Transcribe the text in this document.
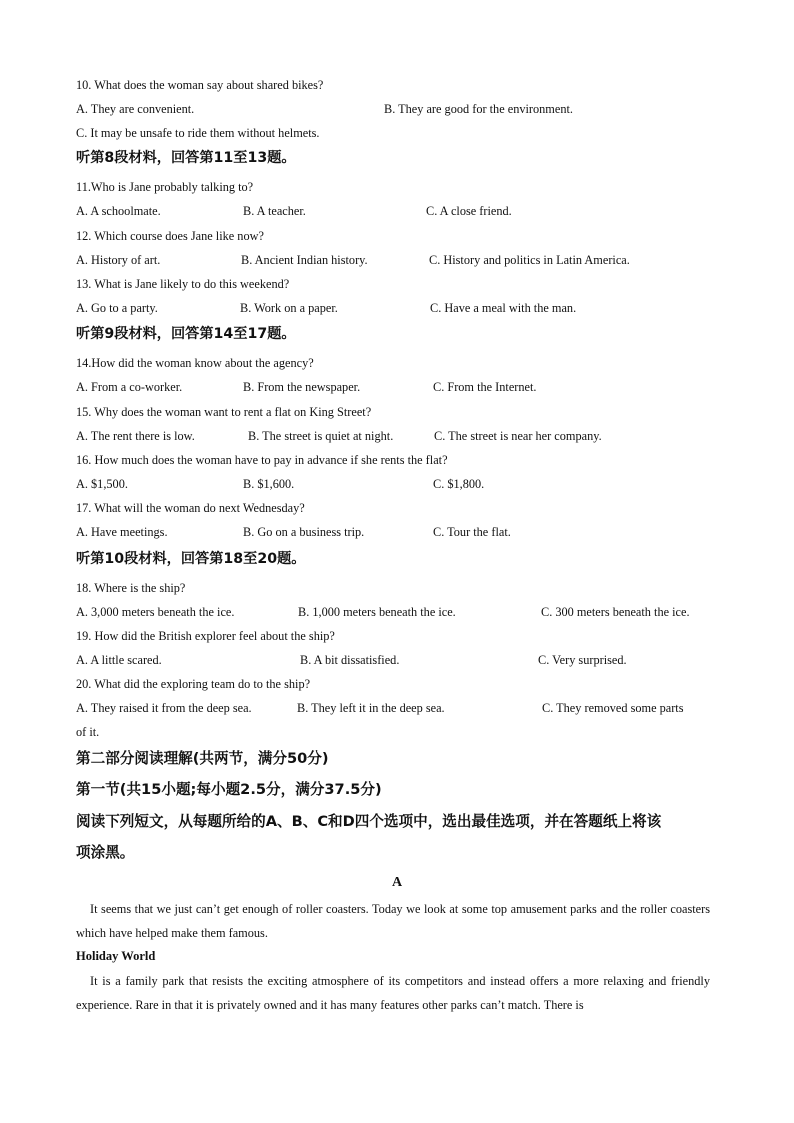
10. What does the woman say about shared bikes?
A. They are convenient.	B. They are good for the environment.
C. It may be unsafe to ride them without helmets.
听第8段材料，回答第11至13题。
11.Who is Jane probably talking to?
A. A schoolmate.	B. A teacher.	C. A close friend.
12. Which course does Jane like now?
A. History of art.	B. Ancient Indian history.	C. History and politics in Latin America.
13. What is Jane likely to do this weekend?
A. Go to a party.	B. Work on a paper.	C. Have a meal with the man.
听第9段材料，回答第14至17题。
14.How did the woman know about the agency?
A. From a co-worker.	B. From the newspaper.	C. From the Internet.
15. Why does the woman want to rent a flat on King Street?
A. The rent there is low.	B. The street is quiet at night.	C. The street is near her company.
16. How much does the woman have to pay in advance if she rents the flat?
A. $1,500.	B. $1,600.	C. $1,800.
17. What will the woman do next Wednesday?
A. Have meetings.	B. Go on a business trip.	C. Tour the flat.
听第10段材料，回答第18至20题。
18. Where is the ship?
A. 3,000 meters beneath the ice.	B. 1,000 meters beneath the ice.	C. 300 meters beneath the ice.
19. How did the British explorer feel about the ship?
A. A little scared.	B. A bit dissatisfied.	C. Very surprised.
20. What did the exploring team do to the ship?
A. They raised it from the deep sea.	B. They left it in the deep sea.	C. They removed some parts
of it.
第二部分阅读理解(共两节，满分50分)
第一节(共15小题;每小题2.5分，满分37.5分)
阅读下列短文，从每题所给的A、B、C和D四个选项中，选出最佳选项，并在答题纸上将该
项涂黑。
A
It seems that we just can’t get enough of roller coasters. Today we look at some top amusement parks and the roller coasters which have helped make them famous.
Holiday World
It is a family park that resists the exciting atmosphere of its competitors and instead offers a more relaxing and friendly experience. Rare in that it is privately owned and it has many features other parks can’t match. There is
